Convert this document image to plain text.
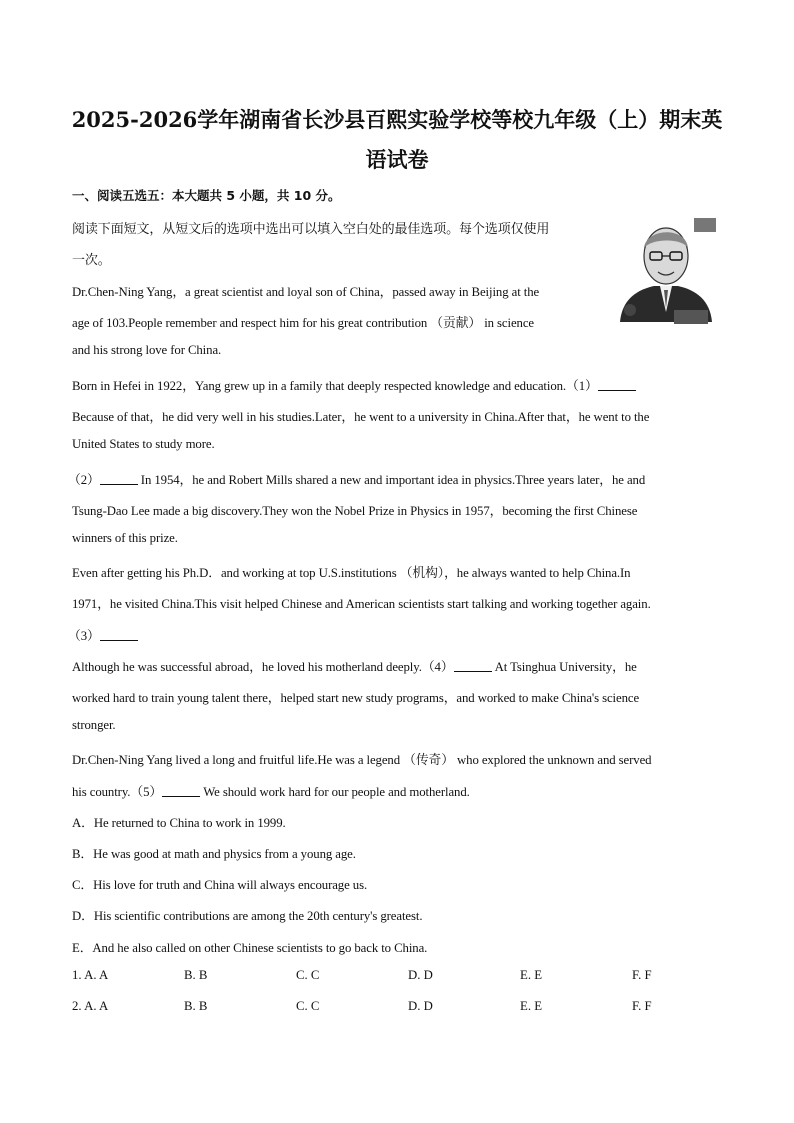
2025-2026学年湖南省长沙县百熙实验学校等校九年级（上）期末英
语试卷
一、阅读五选五：本大题共 5 小题，共 10 分。
阅读下面短文，从短文后的选项中选出可以填入空白处的最佳选项。每个选项仅使用
一次。
Dr.Chen-Ning Yang，a great scientist and loyal son of China，passed away in Beijing at the
age of 103.People remember and respect him for his great contribution （贡献） in science
and his strong love for China.
Born in Hefei in 1922，Yang grew up in a family that deeply respected knowledge and education.（1）
Because of that，he did very well in his studies.Later，he went to a university in China.After that，he went to the
United States to study more.
（2）	In 1954，he and Robert Mills shared a new and important idea in physics.Three years later，he and
Tsung-Dao Lee made a big discovery.They won the Nobel Prize in Physics in 1957，becoming the first Chinese
winners of this prize.
Even after getting his Ph.D．and working at top U.S.institutions （机构），he always wanted to help China.In
1971，he visited China.This visit helped Chinese and American scientists start talking and working together again.
（3）
Although he was successful abroad，he loved his motherland deeply.（4）	At Tsinghua University，he
worked hard to train young talent there，helped start new study programs，and worked to make China's science
stronger.
Dr.Chen-Ning Yang lived a long and fruitful life.He was a legend （传奇） who explored the unknown and served
his country.（5）	We should work hard for our people and motherland.
A．He returned to China to work in 1999.
B．He was good at math and physics from a young age.
C．His love for truth and China will always encourage us.
D．His scientific contributions are among the 20th century's greatest.
E．And he also called on other Chinese scientists to go back to China.
1. A. A	B. B	C. C	D. D	E. E	F. F
2. A. A	B. B	C. C	D. D	E. E	F. F
